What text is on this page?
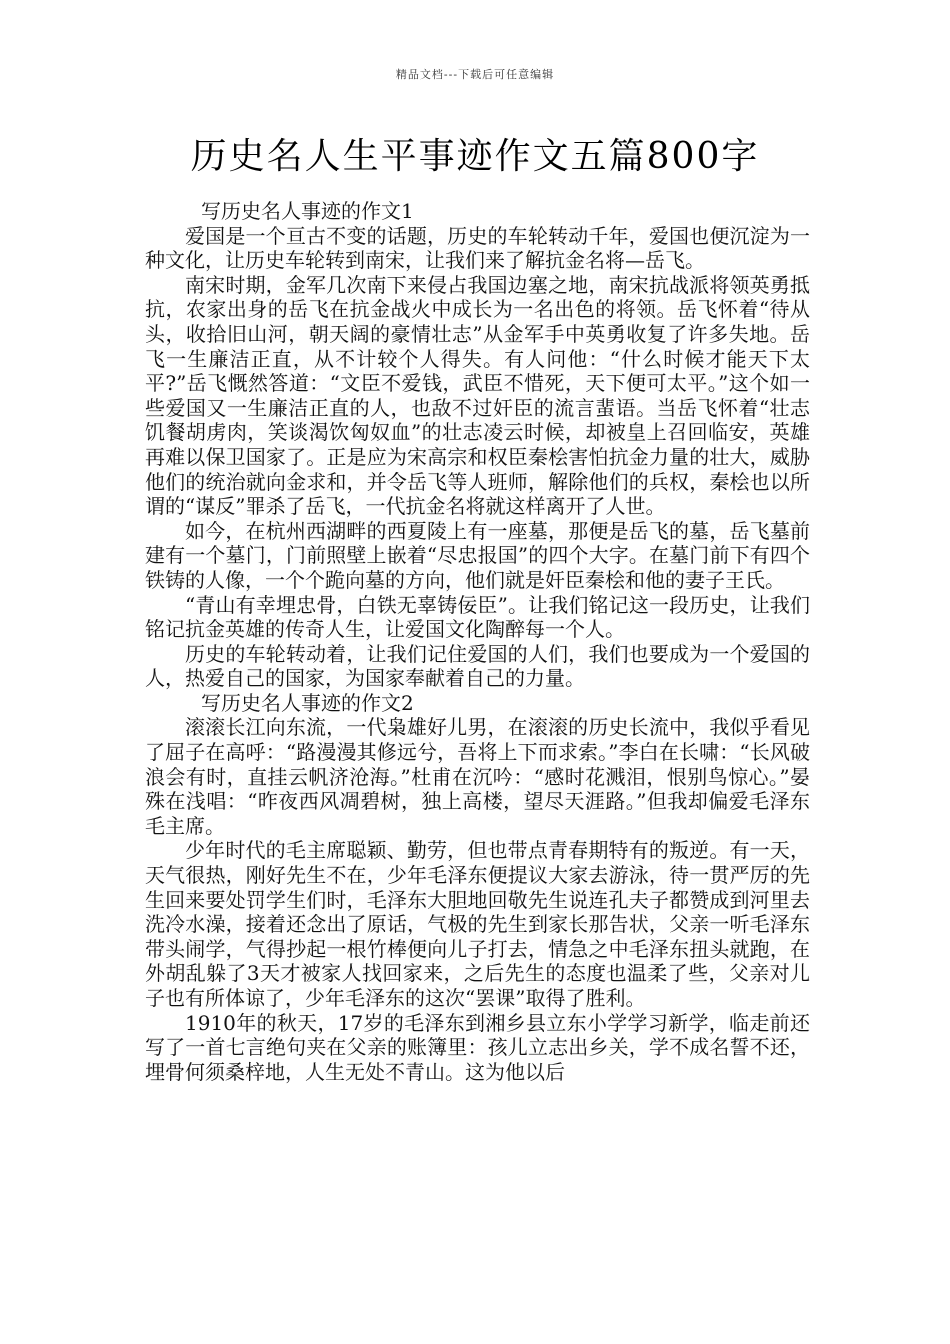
精品文档---下载后可任意编辑
历史名人生平事迹作文五篇800字

写历史名人事迹的作文1

爱国是一个亘古不变的话题，历史的车轮转动千年，爱国也便沉淀为一种文化，让历史车轮转到南宋，让我们来了解抗金名将—岳飞。

南宋时期，金军几次南下来侵占我国边塞之地，南宋抗战派将领英勇抵抗，农家出身的岳飞在抗金战火中成长为一名出色的将领。岳飞怀着“待从头，收拾旧山河，朝天阔的豪情壮志”从金军手中英勇收复了许多失地。岳飞一生廉洁正直，从不计较个人得失。有人问他：“什么时候才能天下太平?”岳飞慨然答道：“文臣不爱钱，武臣不惜死，天下便可太平。”这个如一些爱国又一生廉洁正直的人，也敌不过奸臣的流言蜚语。当岳飞怀着“壮志饥餐胡虏肉，笑谈渴饮匈奴血”的壮志凌云时候，却被皇上召回临安，英雄再难以保卫国家了。正是应为宋高宗和权臣秦桧害怕抗金力量的壮大，威胁他们的统治就向金求和，并令岳飞等人班师，解除他们的兵权，秦桧也以所谓的“谋反”罪杀了岳飞，一代抗金名将就这样离开了人世。

如今，在杭州西湖畔的西夏陵上有一座墓，那便是岳飞的墓，岳飞墓前建有一个墓门，门前照壁上嵌着“尽忠报国”的四个大字。在墓门前下有四个铁铸的人像，一个个跪向墓的方向，他们就是奸臣秦桧和他的妻子王氏。

“青山有幸埋忠骨，白铁无辜铸佞臣”。让我们铭记这一段历史，让我们铭记抗金英雄的传奇人生，让爱国文化陶醉每一个人。

历史的车轮转动着，让我们记住爱国的人们，我们也要成为一个爱国的人，热爱自己的国家，为国家奉献着自己的力量。

写历史名人事迹的作文2

滚滚长江向东流，一代枭雄好儿男，在滚滚的历史长流中，我似乎看见了屈子在高呼：“路漫漫其修远兮，吾将上下而求索。”李白在长啸：“长风破浪会有时，直挂云帆济沧海。”杜甫在沉吟：“感时花溅泪，恨别鸟惊心。”晏殊在浅唱：“昨夜西风凋碧树，独上高楼，望尽天涯路。”但我却偏爱毛泽东毛主席。

少年时代的毛主席聪颖、勤劳，但也带点青春期特有的叛逆。有一天，天气很热，刚好先生不在，少年毛泽东便提议大家去游泳，待一贯严厉的先生回来要处罚学生们时，毛泽东大胆地回敬先生说连孔夫子都赞成到河里去洗冷水澡，接着还念出了原话，气极的先生到家长那告状，父亲一听毛泽东带头闹学，气得抄起一根竹棒便向儿子打去，情急之中毛泽东扭头就跑，在外胡乱躲了3天才被家人找回家来，之后先生的态度也温柔了些，父亲对儿子也有所体谅了，少年毛泽东的这次“罢课”取得了胜利。

1910年的秋天，17岁的毛泽东到湘乡县立东小学学习新学，临走前还写了一首七言绝句夹在父亲的账簿里：孩儿立志出乡关，学不成名誓不还，埋骨何须桑梓地，人生无处不青山。这为他以后
